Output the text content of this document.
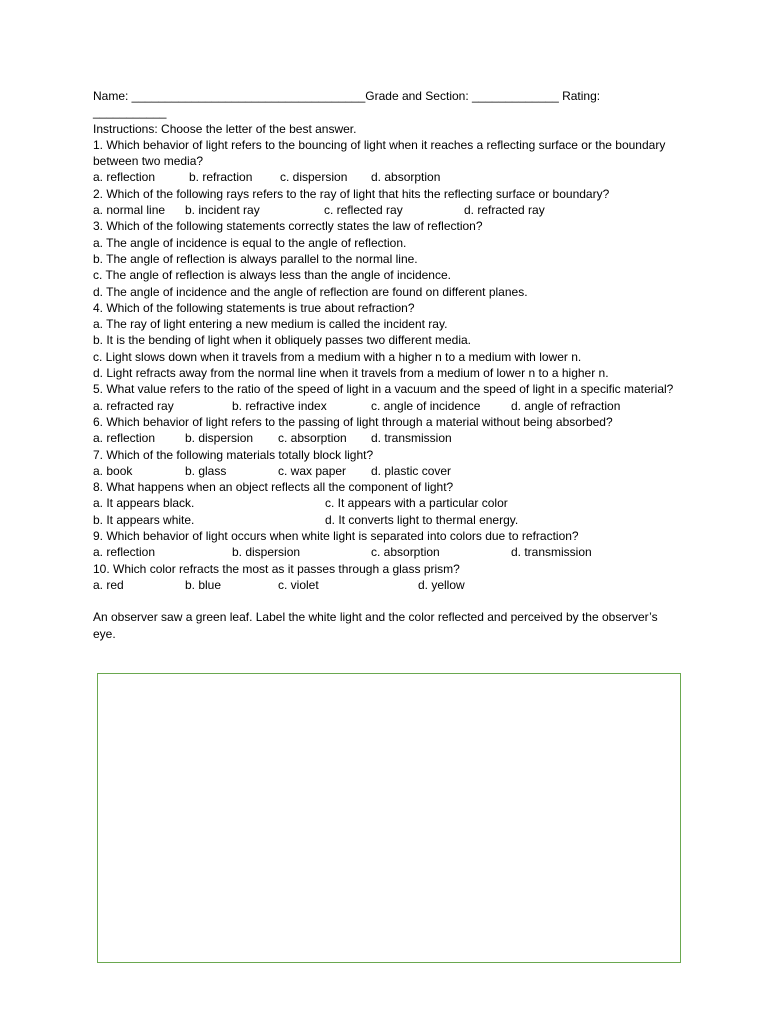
Name: ___________________________________Grade and Section: _____________ Rating:
___________
Instructions: Choose the letter of the best answer.
1. Which behavior of light refers to the bouncing of light when it reaches a reflecting surface or the boundary between two media?
a. reflection	b. refraction	c. dispersion	d. absorption
2. Which of the following rays refers to the ray of light that hits the reflecting surface or boundary?
a. normal line	b. incident ray	c. reflected ray	d. refracted ray
3. Which of the following statements correctly states the law of reflection?
a. The angle of incidence is equal to the angle of reflection.
b. The angle of reflection is always parallel to the normal line.
c. The angle of reflection is always less than the angle of incidence.
d. The angle of incidence and the angle of reflection are found on different planes.
4. Which of the following statements is true about refraction?
a. The ray of light entering a new medium is called the incident ray.
b. It is the bending of light when it obliquely passes two different media.
c. Light slows down when it travels from a medium with a higher n to a medium with lower n.
d. Light refracts away from the normal line when it travels from a medium of lower n to a higher n.
5. What value refers to the ratio of the speed of light in a vacuum and the speed of light in a specific material?
a. refracted ray	b. refractive index	c. angle of incidence	d. angle of refraction
6. Which behavior of light refers to the passing of light through a material without being absorbed?
a. reflection	b. dispersion	c. absorption	d. transmission
7. Which of the following materials totally block light?
a. book	b. glass	c. wax paper	d. plastic cover
8. What happens when an object reflects all the component of light?
a. It appears black.	c. It appears with a particular color
b. It appears white.	d. It converts light to thermal energy.
9. Which behavior of light occurs when white light is separated into colors due to refraction?
a. reflection	b. dispersion	c. absorption	d. transmission
10. Which color refracts the most as it passes through a glass prism?
a. red	b. blue	c. violet	d. yellow
An observer saw a green leaf. Label the white light and the color reflected and perceived by the observer’s eye.
